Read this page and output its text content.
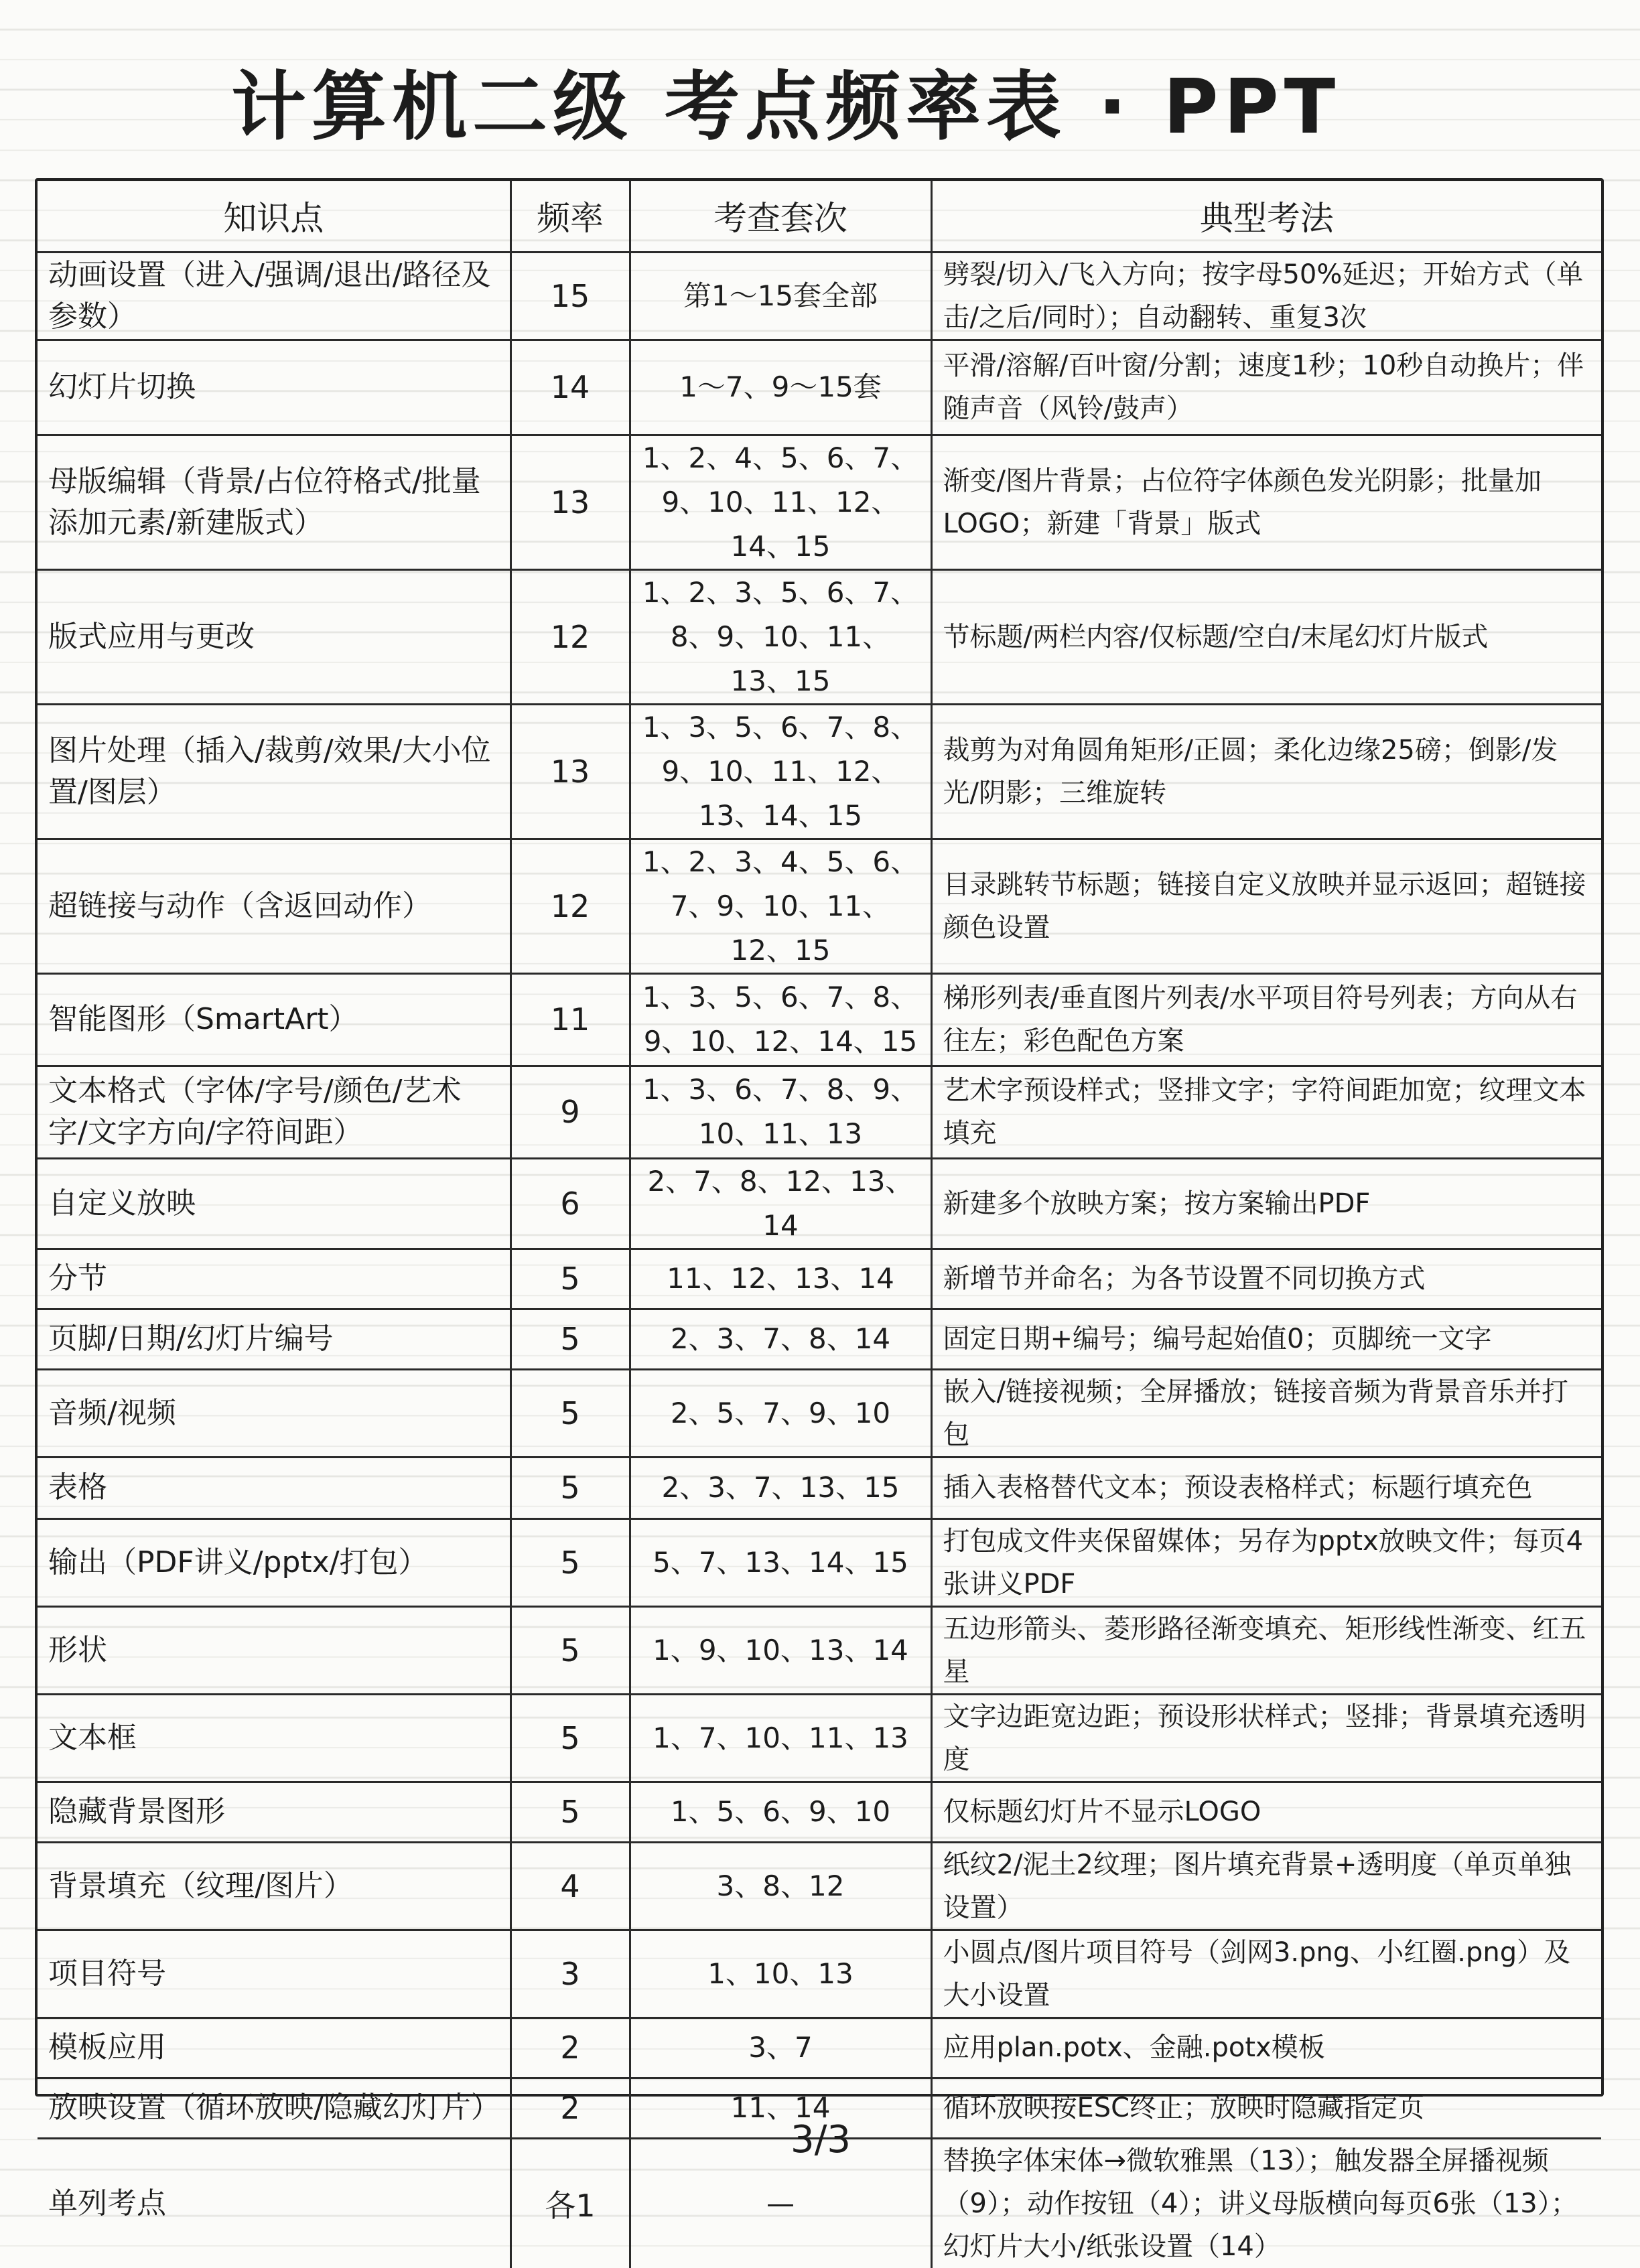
计算机二级 考点频率表 · PPT
知识点	频率	考查套次	典型考法
动画设置（进入/强调/退出/路径及参数）	15	第1～15套全部	劈裂/切入/飞入方向；按字母50%延迟；开始方式（单击/之后/同时）；自动翻转、重复3次
幻灯片切换	14	1～7、9～15套	平滑/溶解/百叶窗/分割；速度1秒；10秒自动换片；伴随声音（风铃/鼓声）
母版编辑（背景/占位符格式/批量添加元素/新建版式）	13	1、2、4、5、6、7、9、10、11、12、14、15	渐变/图片背景；占位符字体颜色发光阴影；批量加LOGO；新建「背景」版式
版式应用与更改	12	1、2、3、5、6、7、8、9、10、11、13、15	节标题/两栏内容/仅标题/空白/末尾幻灯片版式
图片处理（插入/裁剪/效果/大小位置/图层）	13	1、3、5、6、7、8、9、10、11、12、13、14、15	裁剪为对角圆角矩形/正圆；柔化边缘25磅；倒影/发光/阴影；三维旋转
超链接与动作（含返回动作）	12	1、2、3、4、5、6、7、9、10、11、12、15	目录跳转节标题；链接自定义放映并显示返回；超链接颜色设置
智能图形（SmartArt）	11	1、3、5、6、7、8、9、10、12、14、15	梯形列表/垂直图片列表/水平项目符号列表；方向从右往左；彩色配色方案
文本格式（字体/字号/颜色/艺术字/文字方向/字符间距）	9	1、3、6、7、8、9、10、11、13	艺术字预设样式；竖排文字；字符间距加宽；纹理文本填充
自定义放映	6	2、7、8、12、13、14	新建多个放映方案；按方案输出PDF
分节	5	11、12、13、14	新增节并命名；为各节设置不同切换方式
页脚/日期/幻灯片编号	5	2、3、7、8、14	固定日期+编号；编号起始值0；页脚统一文字
音频/视频	5	2、5、7、9、10	嵌入/链接视频；全屏播放；链接音频为背景音乐并打包
表格	5	2、3、7、13、15	插入表格替代文本；预设表格样式；标题行填充色
输出（PDF讲义/pptx/打包）	5	5、7、13、14、15	打包成文件夹保留媒体；另存为pptx放映文件；每页4张讲义PDF
形状	5	1、9、10、13、14	五边形箭头、菱形路径渐变填充、矩形线性渐变、红五星
文本框	5	1、7、10、11、13	文字边距宽边距；预设形状样式；竖排；背景填充透明度
隐藏背景图形	5	1、5、6、9、10	仅标题幻灯片不显示LOGO
背景填充（纹理/图片）	4	3、8、12	纸纹2/泥土2纹理；图片填充背景+透明度（单页单独设置）
项目符号	3	1、10、13	小圆点/图片项目符号（剑网3.png、小红圈.png）及大小设置
模板应用	2	3、7	应用plan.potx、金融.potx模板
放映设置（循环放映/隐藏幻灯片）	2	11、14	循环放映按ESC终止；放映时隐藏指定页
单列考点	各1	—	替换字体宋体→微软雅黑（13）；触发器全屏播视频（9）；动作按钮（4）；讲义母版横向每页6张（13）；幻灯片大小/纸张设置（14）
3/3
